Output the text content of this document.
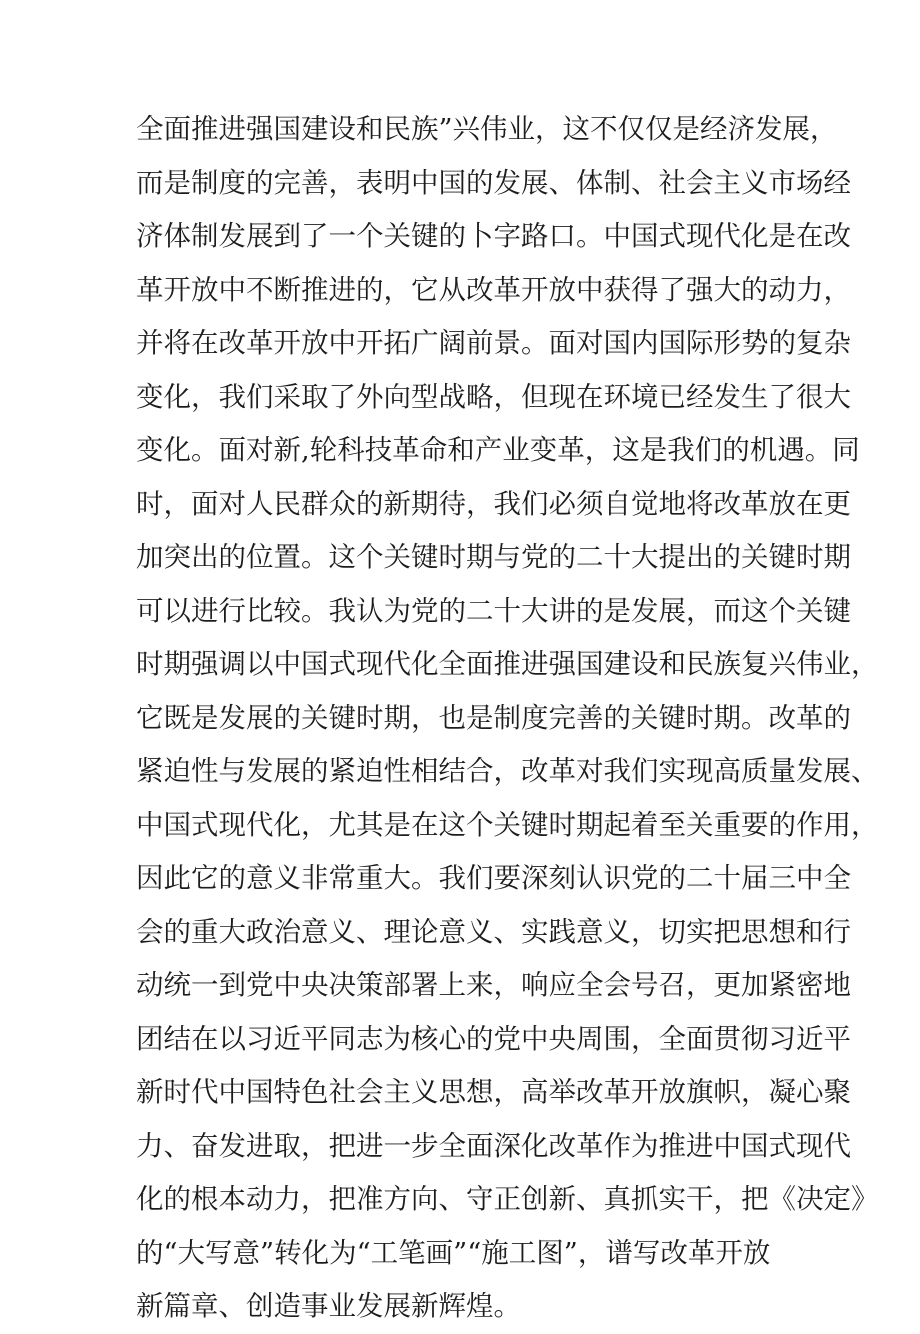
全面推进强国建设和民族”兴伟业，这不仅仅是经济发展，
而是制度的完善，表明中国的发展、体制、社会主义市场经
济体制发展到了一个关键的卜字路口。中国式现代化是在改
革开放中不断推进的，它从改革开放中获得了强大的动力，
并将在改革开放中开拓广阔前景。面对国内国际形势的复杂
变化，我们采取了外向型战略，但现在环境已经发生了很大
变化。面对新,轮科技革命和产业变革，这是我们的机遇。同
时，面对人民群众的新期待，我们必须自觉地将改革放在更
加突出的位置。这个关键时期与党的二十大提出的关键时期
可以进行比较。我认为党的二十大讲的是发展，而这个关键
时期强调以中国式现代化全面推进强国建设和民族复兴伟业，
它既是发展的关键时期，也是制度完善的关键时期。改革的
紧迫性与发展的紧迫性相结合，改革对我们实现高质量发展、
中国式现代化，尤其是在这个关键时期起着至关重要的作用，
因此它的意义非常重大。我们要深刻认识党的二十届三中全
会的重大政治意义、理论意义、实践意义，切实把思想和行
动统一到党中央决策部署上来，响应全会号召，更加紧密地
团结在以习近平同志为核心的党中央周围，全面贯彻习近平
新时代中国特色社会主义思想，高举改革开放旗帜，凝心聚
力、奋发进取，把进一步全面深化改革作为推进中国式现代
化的根本动力，把准方向、守正创新、真抓实干，把《决定》
的“大写意”转化为“工笔画”“施工图”，谱写改革开放
新篇章、创造事业发展新辉煌。
